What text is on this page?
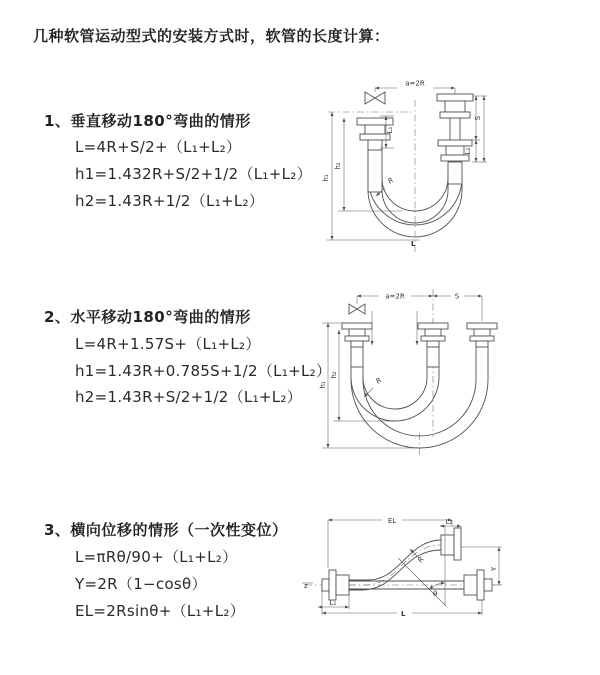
几种软管运动型式的安装方式时，软管的长度计算：
1、垂直移动180°弯曲的情形
L=4R+S/2+（L₁+L₂）
h1=1.432R+S/2+1/2（L₁+L₂）
h2=1.43R+1/2（L₁+L₂）
2、水平移动180°弯曲的情形
L=4R+1.57S+（L₁+L₂）
h1=1.43R+0.785S+1/2（L₁+L₂）
h2=1.43R+S/2+1/2（L₁+L₂）
3、横向位移的情形（一次性变位）
L=πRθ/90+（L₁+L₂）
Y=2R（1−cosθ）
EL=2Rsinθ+（L₁+L₂）
a=2R
L₁
S
L₂
h₁
h₂
R
L
a=2R	S
h₁
h₂
R
EL	L₂
Y
R
θ
L
L₁
z
